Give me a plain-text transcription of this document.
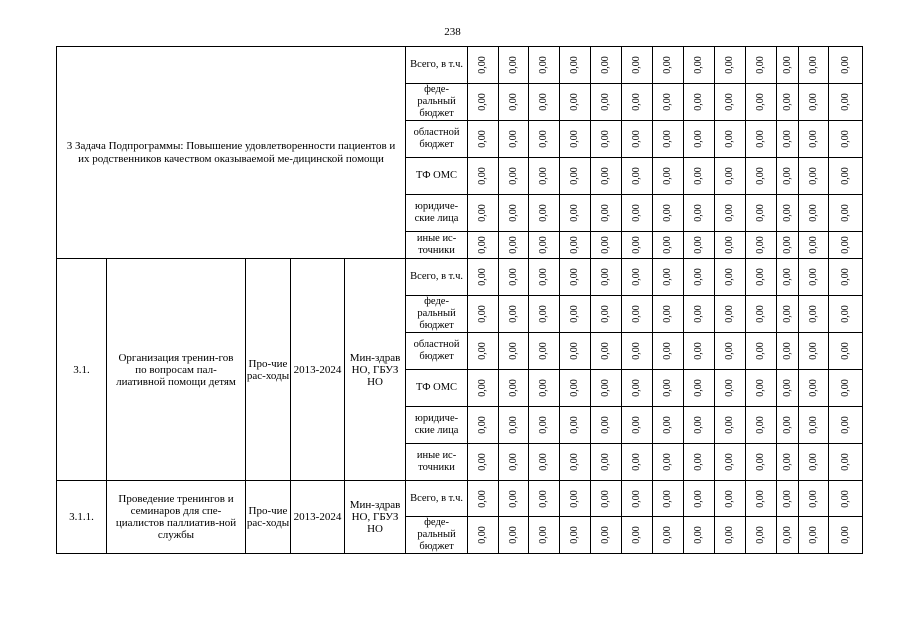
238
3 Задача Подпрограммы: Повышение удовлетворенности пациентов и их родственников качеством оказываемой ме-дицинской помощи					Всего, в т.ч.	0,00	0,00	0,00	0,00	0,00	0,00	0,00	0,00	0,00	0,00	0,00	0,00	0,00

					феде-ральный бюджет	0,00	0,00	0,00	0,00	0,00	0,00	0,00	0,00	0,00	0,00	0,00	0,00	0,00

					областной бюджет	0,00	0,00	0,00	0,00	0,00	0,00	0,00	0,00	0,00	0,00	0,00	0,00	0,00

					ТФ ОМС	0,00	0,00	0,00	0,00	0,00	0,00	0,00	0,00	0,00	0,00	0,00	0,00	0,00

					юридиче-ские лица	0,00	0,00	0,00	0,00	0,00	0,00	0,00	0,00	0,00	0,00	0,00	0,00	0,00

					иные ис-точники	0,00	0,00	0,00	0,00	0,00	0,00	0,00	0,00	0,00	0,00	0,00	0,00	0,00

3.1.	Организация тренин-гов по вопросам пал-лиативной помощи детям	Про-чие рас-ходы	2013-2024	Мин-здрав НО, ГБУЗ НО	Всего, в т.ч.	0,00	0,00	0,00	0,00	0,00	0,00	0,00	0,00	0,00	0,00	0,00	0,00	0,00

					феде-ральный бюджет	0,00	0,00	0,00	0,00	0,00	0,00	0,00	0,00	0,00	0,00	0,00	0,00	0,00

					областной бюджет	0,00	0,00	0,00	0,00	0,00	0,00	0,00	0,00	0,00	0,00	0,00	0,00	0,00

					ТФ ОМС	0,00	0,00	0,00	0,00	0,00	0,00	0,00	0,00	0,00	0,00	0,00	0,00	0,00

					юридиче-ские лица	0,00	0,00	0,00	0,00	0,00	0,00	0,00	0,00	0,00	0,00	0,00	0,00	0,00

					иные ис-точники	0,00	0,00	0,00	0,00	0,00	0,00	0,00	0,00	0,00	0,00	0,00	0,00	0,00

3.1.1.	Проведение тренингов и семинаров для спе-циалистов паллиатив-ной службы	Про-чие рас-ходы	2013-2024	Мин-здрав НО, ГБУЗ НО	Всего, в т.ч.	0,00	0,00	0,00	0,00	0,00	0,00	0,00	0,00	0,00	0,00	0,00	0,00	0,00

					феде-ральный бюджет	0,00	0,00	0,00	0,00	0,00	0,00	0,00	0,00	0,00	0,00	0,00	0,00	0,00
